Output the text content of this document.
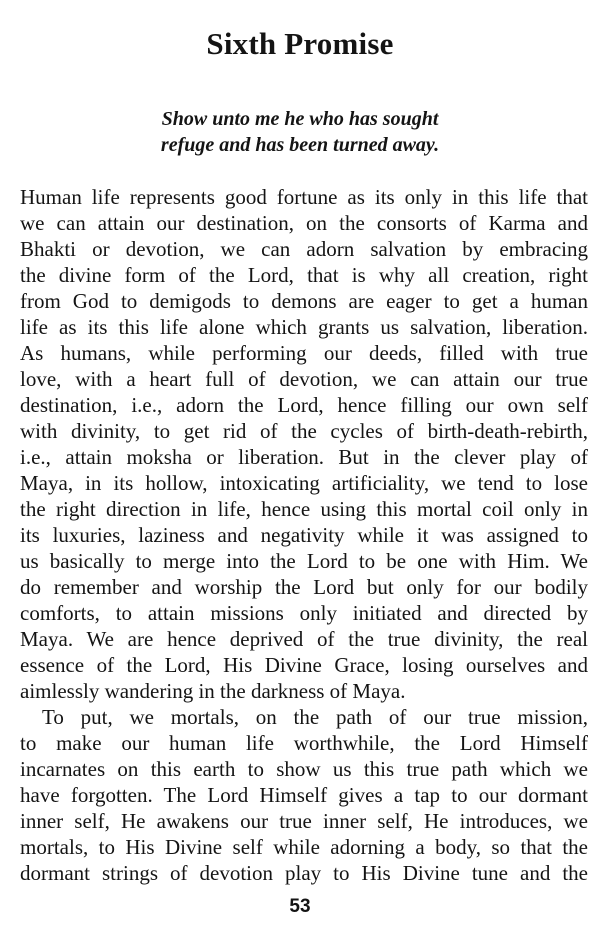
Sixth Promise
Show unto me he who has sought
refuge and has been turned away.
Human life represents good fortune as its only in this life that
we can attain our destination, on the consorts of Karma and
Bhakti or devotion, we can adorn salvation by embracing
the divine form of the Lord, that is why all creation, right
from God to demigods to demons are eager to get a human
life as its this life alone which grants us salvation, liberation.
As humans, while performing our deeds, filled with true
love, with a heart full of devotion, we can attain our true
destination, i.e., adorn the Lord, hence filling our own self
with divinity, to get rid of the cycles of birth-death-rebirth,
i.e., attain moksha or liberation. But in the clever play of
Maya, in its hollow, intoxicating artificiality, we tend to lose
the right direction in life, hence using this mortal coil only in
its luxuries, laziness and negativity while it was assigned to
us basically to merge into the Lord to be one with Him. We
do remember and worship the Lord but only for our bodily
comforts, to attain missions only initiated and directed by
Maya. We are hence deprived of the true divinity, the real
essence of the Lord, His Divine Grace, losing ourselves and
aimlessly wandering in the darkness of Maya.
To put, we mortals, on the path of our true mission,
to make our human life worthwhile, the Lord Himself
incarnates on this earth to show us this true path which we
have forgotten. The Lord Himself gives a tap to our dormant
inner self, He awakens our true inner self, He introduces, we
mortals, to His Divine self while adorning a body, so that the
dormant strings of devotion play to His Divine tune and the
53
